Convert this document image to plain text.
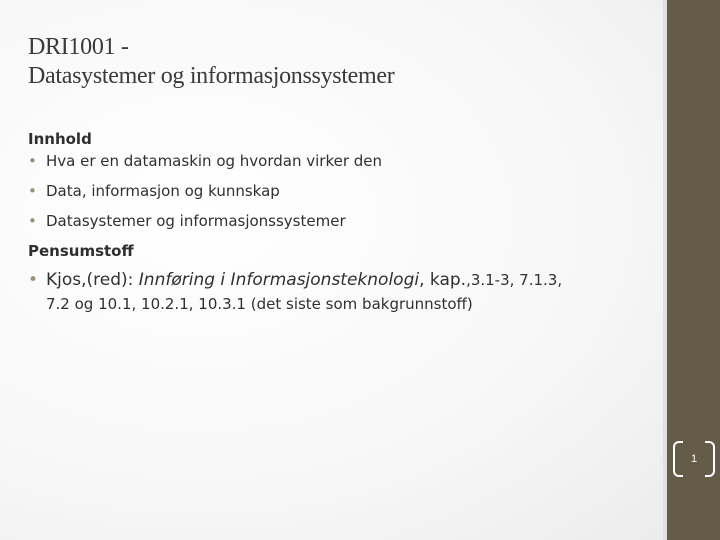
DRI1001 -
Datasystemer og informasjonssystemer
Innhold
• Hva er en datamaskin og hvordan virker den
• Data, informasjon og kunnskap
• Datasystemer og informasjonssystemer
Pensumstoff
• Kjos,(red): Innføring i Informasjonsteknologi, kap.,3.1-3, 7.1.3,
7.2 og 10.1, 10.2.1, 10.3.1 (det siste som bakgrunnstoff)
1
